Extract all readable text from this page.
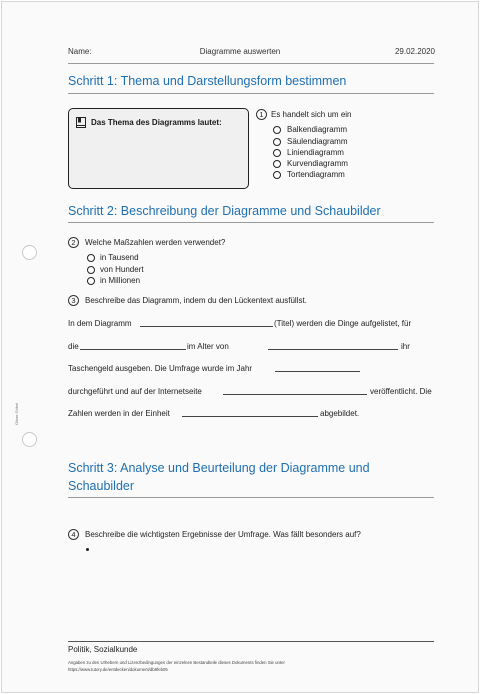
Name:	Diagramme auswerten	29.02.2020
Schritt 1: Thema und Darstellungsform bestimmen
Das Thema des Diagramms lautet:
1 Es handelt sich um ein
Balkendiagramm
Säulendiagramm
Liniendiagramm
Kurvendiagramm
Tortendiagramm
Schritt 2: Beschreibung der Diagramme und Schaubilder
2	Welche Maßzahlen werden verwendet?
in Tausend
von Hundert
in Millionen
3	Beschreibe das Diagramm, indem du den Lückentext ausfüllst.
In dem Diagramm	(Titel) werden die Dinge aufgelistet, für
die	im Alter von	ihr
Taschengeld ausgeben. Die Umfrage wurde im Jahr
durchgeführt und auf der Internetseite	veröffentlicht. Die
Zahlen werden in der Einheit	abgebildet.
Schritt 3: Analyse und Beurteilung der Diagramme und
Schaubilder
4	Beschreibe die wichtigsten Ergebnisse der Umfrage. Was fällt besonders auf?
Oliver Göbel
Politik, Sozialkunde
Angaben zu den Urhebern und Lizenzbedingungen der einzelnen Bestandteile dieses Dokuments finden Sie unter
https://www.tutory.de/entdecken/dokument/db8feb05
